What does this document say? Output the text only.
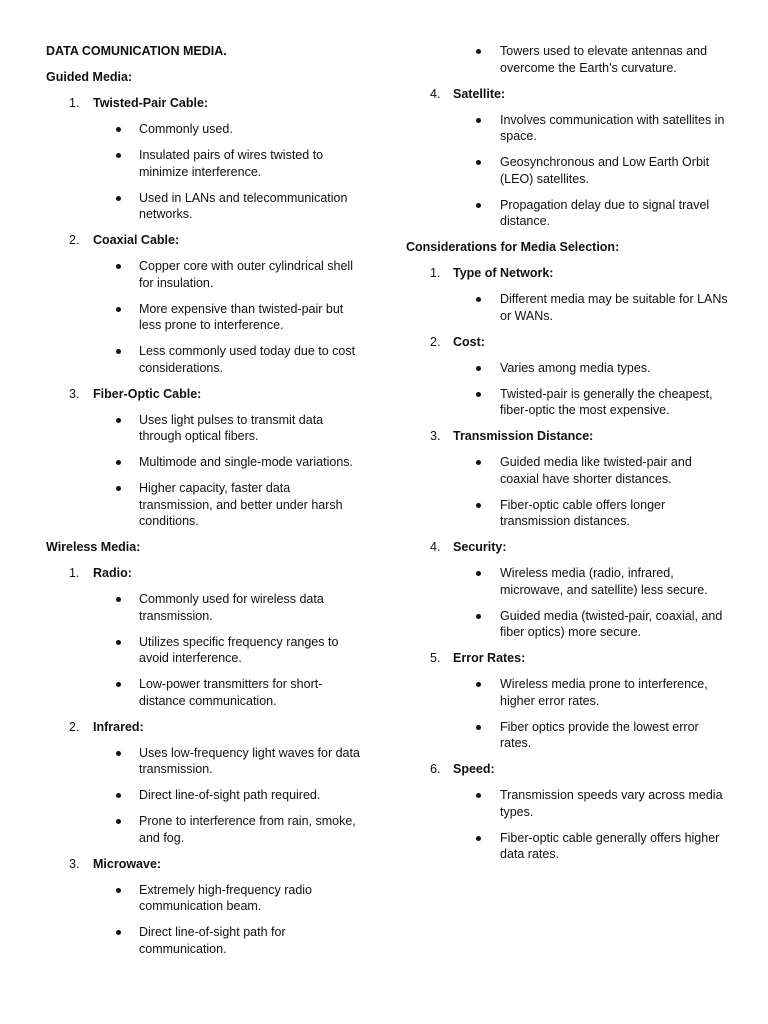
DATA COMUNICATION MEDIA.
Guided Media:
1. Twisted-Pair Cable:
Commonly used.
Insulated pairs of wires twisted to minimize interference.
Used in LANs and telecommunication networks.
2. Coaxial Cable:
Copper core with outer cylindrical shell for insulation.
More expensive than twisted-pair but less prone to interference.
Less commonly used today due to cost considerations.
3. Fiber-Optic Cable:
Uses light pulses to transmit data through optical fibers.
Multimode and single-mode variations.
Higher capacity, faster data transmission, and better under harsh conditions.
Wireless Media:
1. Radio:
Commonly used for wireless data transmission.
Utilizes specific frequency ranges to avoid interference.
Low-power transmitters for short-distance communication.
2. Infrared:
Uses low-frequency light waves for data transmission.
Direct line-of-sight path required.
Prone to interference from rain, smoke, and fog.
3. Microwave:
Extremely high-frequency radio communication beam.
Direct line-of-sight path for communication.
Towers used to elevate antennas and overcome the Earth's curvature.
4. Satellite:
Involves communication with satellites in space.
Geosynchronous and Low Earth Orbit (LEO) satellites.
Propagation delay due to signal travel distance.
Considerations for Media Selection:
1. Type of Network:
Different media may be suitable for LANs or WANs.
2. Cost:
Varies among media types.
Twisted-pair is generally the cheapest, fiber-optic the most expensive.
3. Transmission Distance:
Guided media like twisted-pair and coaxial have shorter distances.
Fiber-optic cable offers longer transmission distances.
4. Security:
Wireless media (radio, infrared, microwave, and satellite) less secure.
Guided media (twisted-pair, coaxial, and fiber optics) more secure.
5. Error Rates:
Wireless media prone to interference, higher error rates.
Fiber optics provide the lowest error rates.
6. Speed:
Transmission speeds vary across media types.
Fiber-optic cable generally offers higher data rates.
